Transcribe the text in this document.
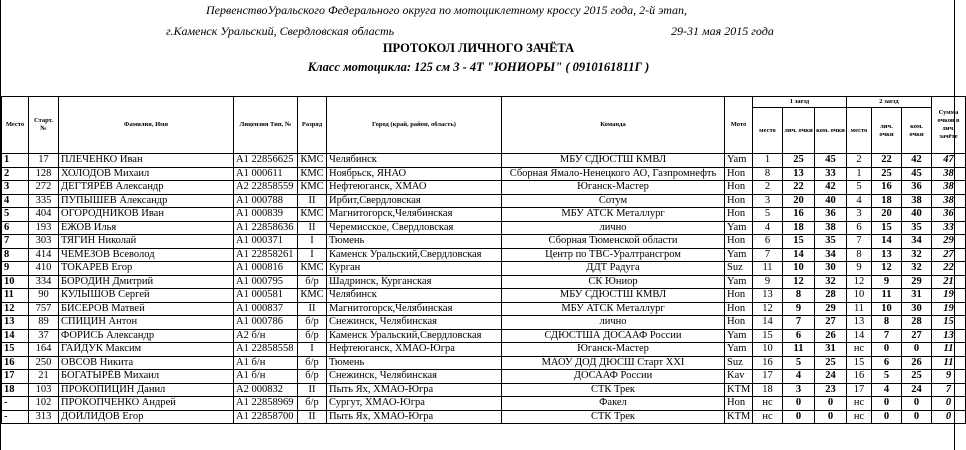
ПервенствоУральского Федерального округа по мотоциклетному кроссу 2015 года, 2-й этап,
г.Каменск Уральский, Свердловская область	29-31 мая 2015 года
ПРОТОКОЛ ЛИЧНОГО ЗАЧЁТА
Класс мотоцикла: 125 см 3 - 4Т "ЮНИОРЫ" ( 0910161811Г )
Место	Старт. №	Фамилия, Имя	Лицензия Тип, №	Разряд	Город (край, район, область)	Команда	Мото	1 заезд			2 заезд			Сумма очков в лич. зачёте
								место	лич. очки	ком. очки	место	лич. очки	ком. очки	
1	17	ПЛЕЧЕНКО Иван	А1 22856625	КМС	Челябинск	МБУ СДЮСТШ КМВЛ	Yam	1	25	45	2	22	42	47
2	128	ХОЛОДОВ Михаил	А1 000611	КМС	Ноябрьск, ЯНАО	Сборная Ямало-Ненецкого АО, Газпромнефть	Hon	8	13	33	1	25	45	38
3	272	ДЕГТЯРЁВ Александр	А2 22858559	КМС	Нефтеюганск, ХМАО	Юганск-Мастер	Hon	2	22	42	5	16	36	38
4	335	ПУПЫШЕВ Александр	А1 000788	II	Ирбит,Свердловская	Сотум	Hon	3	20	40	4	18	38	38
5	404	ОГОРОДНИКОВ Иван	А1 000839	КМС	Магнитогорск,Челябинская	МБУ АТСК Металлург	Hon	5	16	36	3	20	40	36
6	193	ЕЖОВ Илья	А1 22858636	II	Черемисское, Свердловская	лично	Yam	4	18	38	6	15	35	33
7	303	ТЯГИН Николай	А1 000371	I	Тюмень	Сборная Тюменской области	Hon	6	15	35	7	14	34	29
8	414	ЧЕМЕЗОВ Всеволод	А1 22858261	I	Каменск Уральский,Свердловская	Центр по ТВС-Уралтрансгром	Yam	7	14	34	8	13	32	27
9	410	ТОКАРЕВ Егор	А1 000816	КМС	Курган	ДДТ Радуга	Suz	11	10	30	9	12	32	22
10	334	БОРОДИН Дмитрий	А1 000795	б/р	Шадринск, Курганская	СК Юниор	Yam	9	12	32	12	9	29	21
11	90	КУЛЫШОВ Сергей	А1 000581	КМС	Челябинск	МБУ СДЮСТШ КМВЛ	Hon	13	8	28	10	11	31	19
12	757	БИСЕРОВ Матвей	А1 000837	II	Магнитогорск,Челябинская	МБУ АТСК Металлург	Hon	12	9	29	11	10	30	19
13	89	СПИЦИН Антон	А1 000786	б/р	Снежинск, Челябинская	лично	Hon	14	7	27	13	8	28	15
14	37	ФОРИСЬ Александр	А2 б/н	б/р	Каменск Уральский,Свердловская	СДЮСТША ДОСААФ России	Yam	15	6	26	14	7	27	13
15	164	ГАЙДУК Максим	А1 22858558	I	Нефтеюганск, ХМАО-Югра	Юганск-Мастер	Yam	10	11	31	нс	0	0	11
16	250	ОВСОВ Никита	А1 б/н	б/р	Тюмень	МАОУ ДОД ДЮСШ Старт XXI	Suz	16	5	25	15	6	26	11
17	21	БОГАТЫРЁВ Михаил	А1 б/н	б/р	Снежинск, Челябинская	ДОСААФ России	Kav	17	4	24	16	5	25	9
18	103	ПРОКОПИЦИН Данил	А2 000832	II	Пыть Ях, ХМАО-Югра	СТК Трек	KTM	18	3	23	17	4	24	7
-	102	ПРОКОПЧЕНКО Андрей	А1 22858969	б/р	Сургут, ХМАО-Югра	Факел	Hon	нс	0	0	нс	0	0	0
-	313	ДОЙЛИДОВ Егор	А1 22858700	II	Пыть Ях, ХМАО-Югра	СТК Трек	KTM	нс	0	0	нс	0	0	0
